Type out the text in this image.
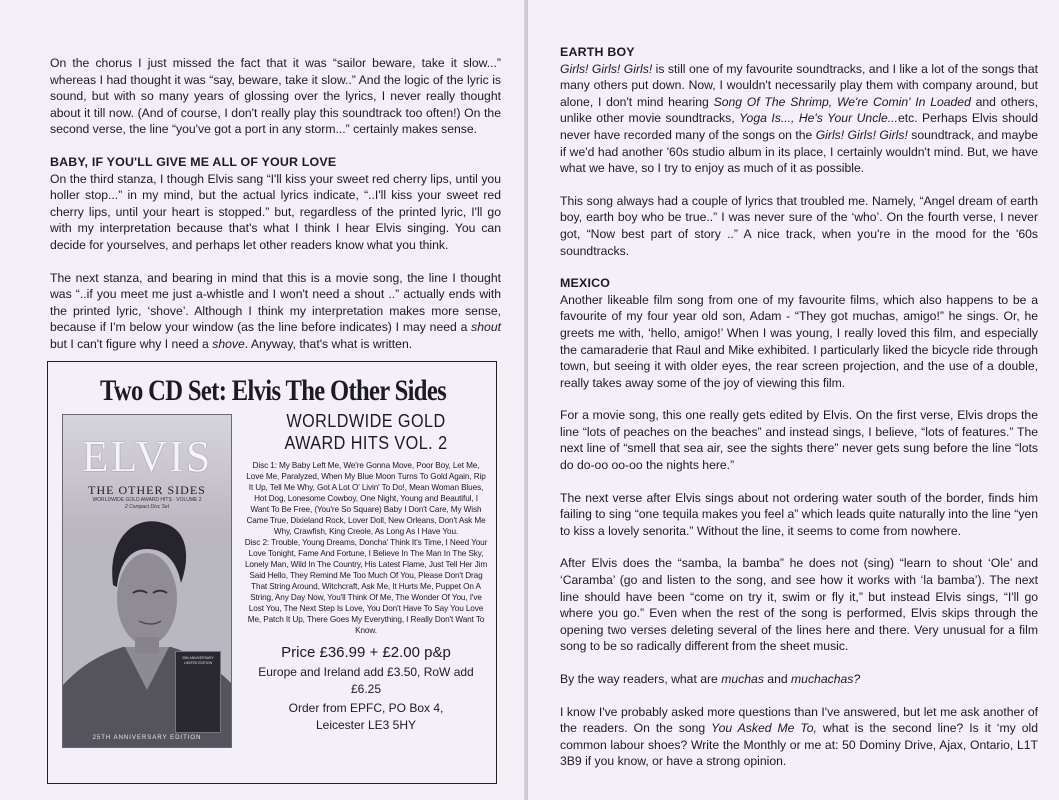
On the chorus I just missed the fact that it was “sailor beware, take it slow...” whereas I had thought it was “say, beware, take it slow..” And the logic of the lyric is sound, but with so many years of glossing over the lyrics, I never really thought about it till now. (And of course, I don't really play this soundtrack too often!) On the second verse, the line “you've got a port in any storm...” certainly makes sense.

BABY, IF YOU'LL GIVE ME ALL OF YOUR LOVE

On the third stanza, I though Elvis sang “I'll kiss your sweet red cherry lips, until you holler stop...” in my mind, but the actual lyrics indicate, “..I'll kiss your sweet red cherry lips, until your heart is stopped.” but, regardless of the printed lyric, I'll go with my interpretation because that's what I think I hear Elvis singing. You can decide for yourselves, and perhaps let other readers know what you think.

The next stanza, and bearing in mind that this is a movie song, the line I thought was “..if you meet me just a-whistle and I won't need a shout ..” actually ends with the printed lyric, ‘shove’. Although I think my interpretation makes more sense, because if I'm below your window (as the line before indicates) I may need a shout but I can't figure why I need a shove. Anyway, that's what is written.

Two CD Set: Elvis The Other Sides
ELVIS
THE OTHER SIDES
WORLDWIDE GOLD AWARD HITS · VOLUME 2
2 Compact Disc Set
25th ANNIVERSARY LIMITED EDITION
25TH ANNIVERSARY EDITION
WORLDWIDE GOLD
AWARD HITS VOL. 2
Disc 1: My Baby Left Me, We're Gonna Move, Poor Boy, Let Me, Love Me, Paralyzed, When My Blue Moon Turns To Gold Again, Rip It Up, Tell Me Why, Got A Lot O' Livin' To Do!, Mean Woman Blues, Hot Dog, Lonesome Cowboy, One Night, Young and Beautiful, I Want To Be Free, (You're So Square) Baby I Don't Care, My Wish Came True, Dixieland Rock, Lover Doll, New Orleans, Don't Ask Me Why, Crawfish, King Creole, As Long As I Have You.
Disc 2: Trouble, Young Dreams, Doncha' Think It's Time, I Need Your Love Tonight, Fame And Fortune, I Believe In The Man In The Sky, Lonely Man, Wild In The Country, His Latest Flame, Just Tell Her Jim Said Hello, They Remind Me Too Much Of You, Please Don't Drag That String Around, Witchcraft, Ask Me, It Hurts Me, Puppet On A String, Any Day Now, You'll Think Of Me, The Wonder Of You, I've Lost You, The Next Step Is Love, You Don't Have To Say You Love Me, Patch It Up, There Goes My Everything, I Really Don't Want To Know.
Price £36.99 + £2.00 p&p
Europe and Ireland add £3.50, RoW add £6.25
Order from EPFC, PO Box 4,
Leicester LE3 5HY
EARTH BOY

Girls! Girls! Girls! is still one of my favourite soundtracks, and I like a lot of the songs that many others put down. Now, I wouldn't necessarily play them with company around, but alone, I don't mind hearing Song Of The Shrimp, We're Comin' In Loaded and others, unlike other movie soundtracks, Yoga Is..., He's Your Uncle...etc. Perhaps Elvis should never have recorded many of the songs on the Girls! Girls! Girls! soundtrack, and maybe if we'd had another '60s studio album in its place, I certainly wouldn't mind. But, we have what we have, so I try to enjoy as much of it as possible.

This song always had a couple of lyrics that troubled me. Namely, “Angel dream of earth boy, earth boy who be true..” I was never sure of the ‘who’. On the fourth verse, I never got, “Now best part of story ..” A nice track, when you're in the mood for the '60s soundtracks.

MEXICO

Another likeable film song from one of my favourite films, which also happens to be a favourite of my four year old son, Adam - “They got muchas, amigo!” he sings. Or, he greets me with, ‘hello, amigo!’ When I was young, I really loved this film, and especially the camaraderie that Raul and Mike exhibited. I particularly liked the bicycle ride through town, but seeing it with older eyes, the rear screen projection, and the use of a double, really takes away some of the joy of viewing this film.

For a movie song, this one really gets edited by Elvis. On the first verse, Elvis drops the line “lots of peaches on the beaches” and instead sings, I believe, “lots of features.” The next line of “smell that sea air, see the sights there” never gets sung before the line “lots do do-oo oo-oo the nights here.”

The next verse after Elvis sings about not ordering water south of the border, finds him failing to sing “one tequila makes you feel a” which leads quite naturally into the line “yen to kiss a lovely senorita.” Without the line, it seems to come from nowhere.

After Elvis does the “samba, la bamba” he does not (sing) “learn to shout ‘Ole’ and ‘Caramba’ (go and listen to the song, and see how it works with ‘la bamba’). The next line should have been “come on try it, swim or fly it,” but instead Elvis sings, “I'll go where you go.” Even when the rest of the song is performed, Elvis skips through the opening two verses deleting several of the lines here and there. Very unusual for a film song to be so radically different from the sheet music.

By the way readers, what are muchas and muchachas?

I know I've probably asked more questions than I've answered, but let me ask another of the readers. On the song You Asked Me To, what is the second line? Is it ‘my old common labour shoes? Write the Monthly or me at: 50 Dominy Drive, Ajax, Ontario, L1T 3B9 if you know, or have a strong opinion.
